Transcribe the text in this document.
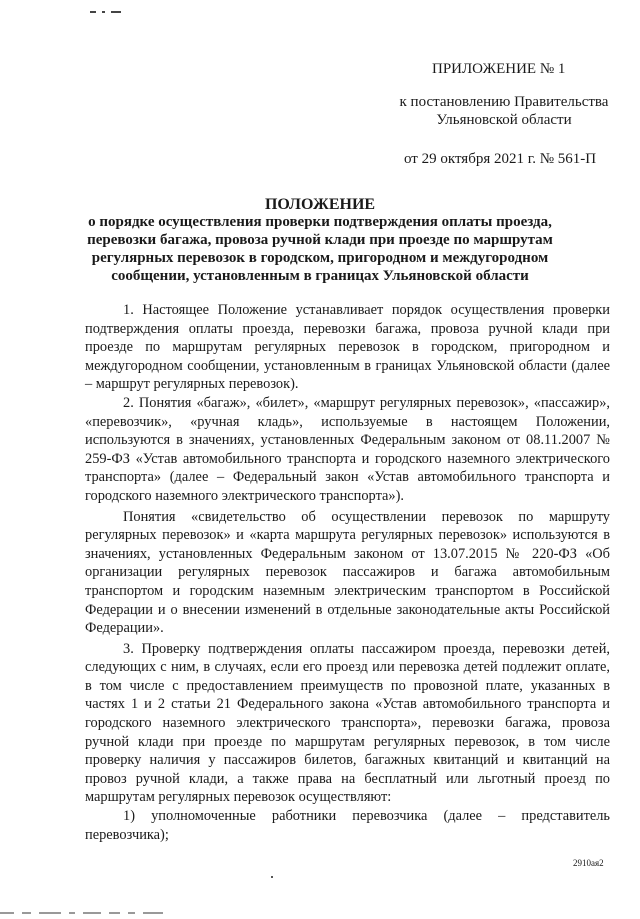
ПРИЛОЖЕНИЕ № 1
к постановлению Правительства
Ульяновской области
от 29 октября 2021 г. № 561-П
ПОЛОЖЕНИЕ
о порядке осуществления проверки подтверждения оплаты проезда, перевозки багажа, провоза ручной клади при проезде по маршрутам регулярных перевозок в городском, пригородном и междугородном сообщении, установленным в границах Ульяновской области

1. Настоящее Положение устанавливает порядок осуществления проверки подтверждения оплаты проезда, перевозки багажа, провоза ручной клади при проезде по маршрутам регулярных перевозок в городском, пригородном и междугородном сообщении, установленным в границах Ульяновской области (далее – маршрут регулярных перевозок).

2. Понятия «багаж», «билет», «маршрут регулярных перевозок», «пассажир», «перевозчик», «ручная кладь», используемые в настоящем Положении, используются в значениях, установленных Федеральным законом от 08.11.2007 № 259-ФЗ «Устав автомобильного транспорта и городского наземного электрического транспорта» (далее – Федеральный закон «Устав автомобильного транспорта и городского наземного электрического транспорта»).

Понятия «свидетельство об осуществлении перевозок по маршруту регулярных перевозок» и «карта маршрута регулярных перевозок» используются в значениях, установленных Федеральным законом от 13.07.2015 № 220-ФЗ «Об организации регулярных перевозок пассажиров и багажа автомобильным транспортом и городским наземным электрическим транспортом в Российской Федерации и о внесении изменений в отдельные законодательные акты Российской Федерации».

3. Проверку подтверждения оплаты пассажиром проезда, перевозки детей, следующих с ним, в случаях, если его проезд или перевозка детей подлежит оплате, в том числе с предоставлением преимуществ по провозной плате, указанных в частях 1 и 2 статьи 21 Федерального закона «Устав автомобильного транспорта и городского наземного электрического транспорта», перевозки багажа, провоза ручной клади при проезде по маршрутам регулярных перевозок, в том числе проверку наличия у пассажиров билетов, багажных квитанций и квитанций на провоз ручной клади, а также права на бесплатный или льготный проезд по маршрутам регулярных перевозок осуществляют:

1) уполномоченные работники перевозчика (далее – представитель перевозчика);

2910ая2
